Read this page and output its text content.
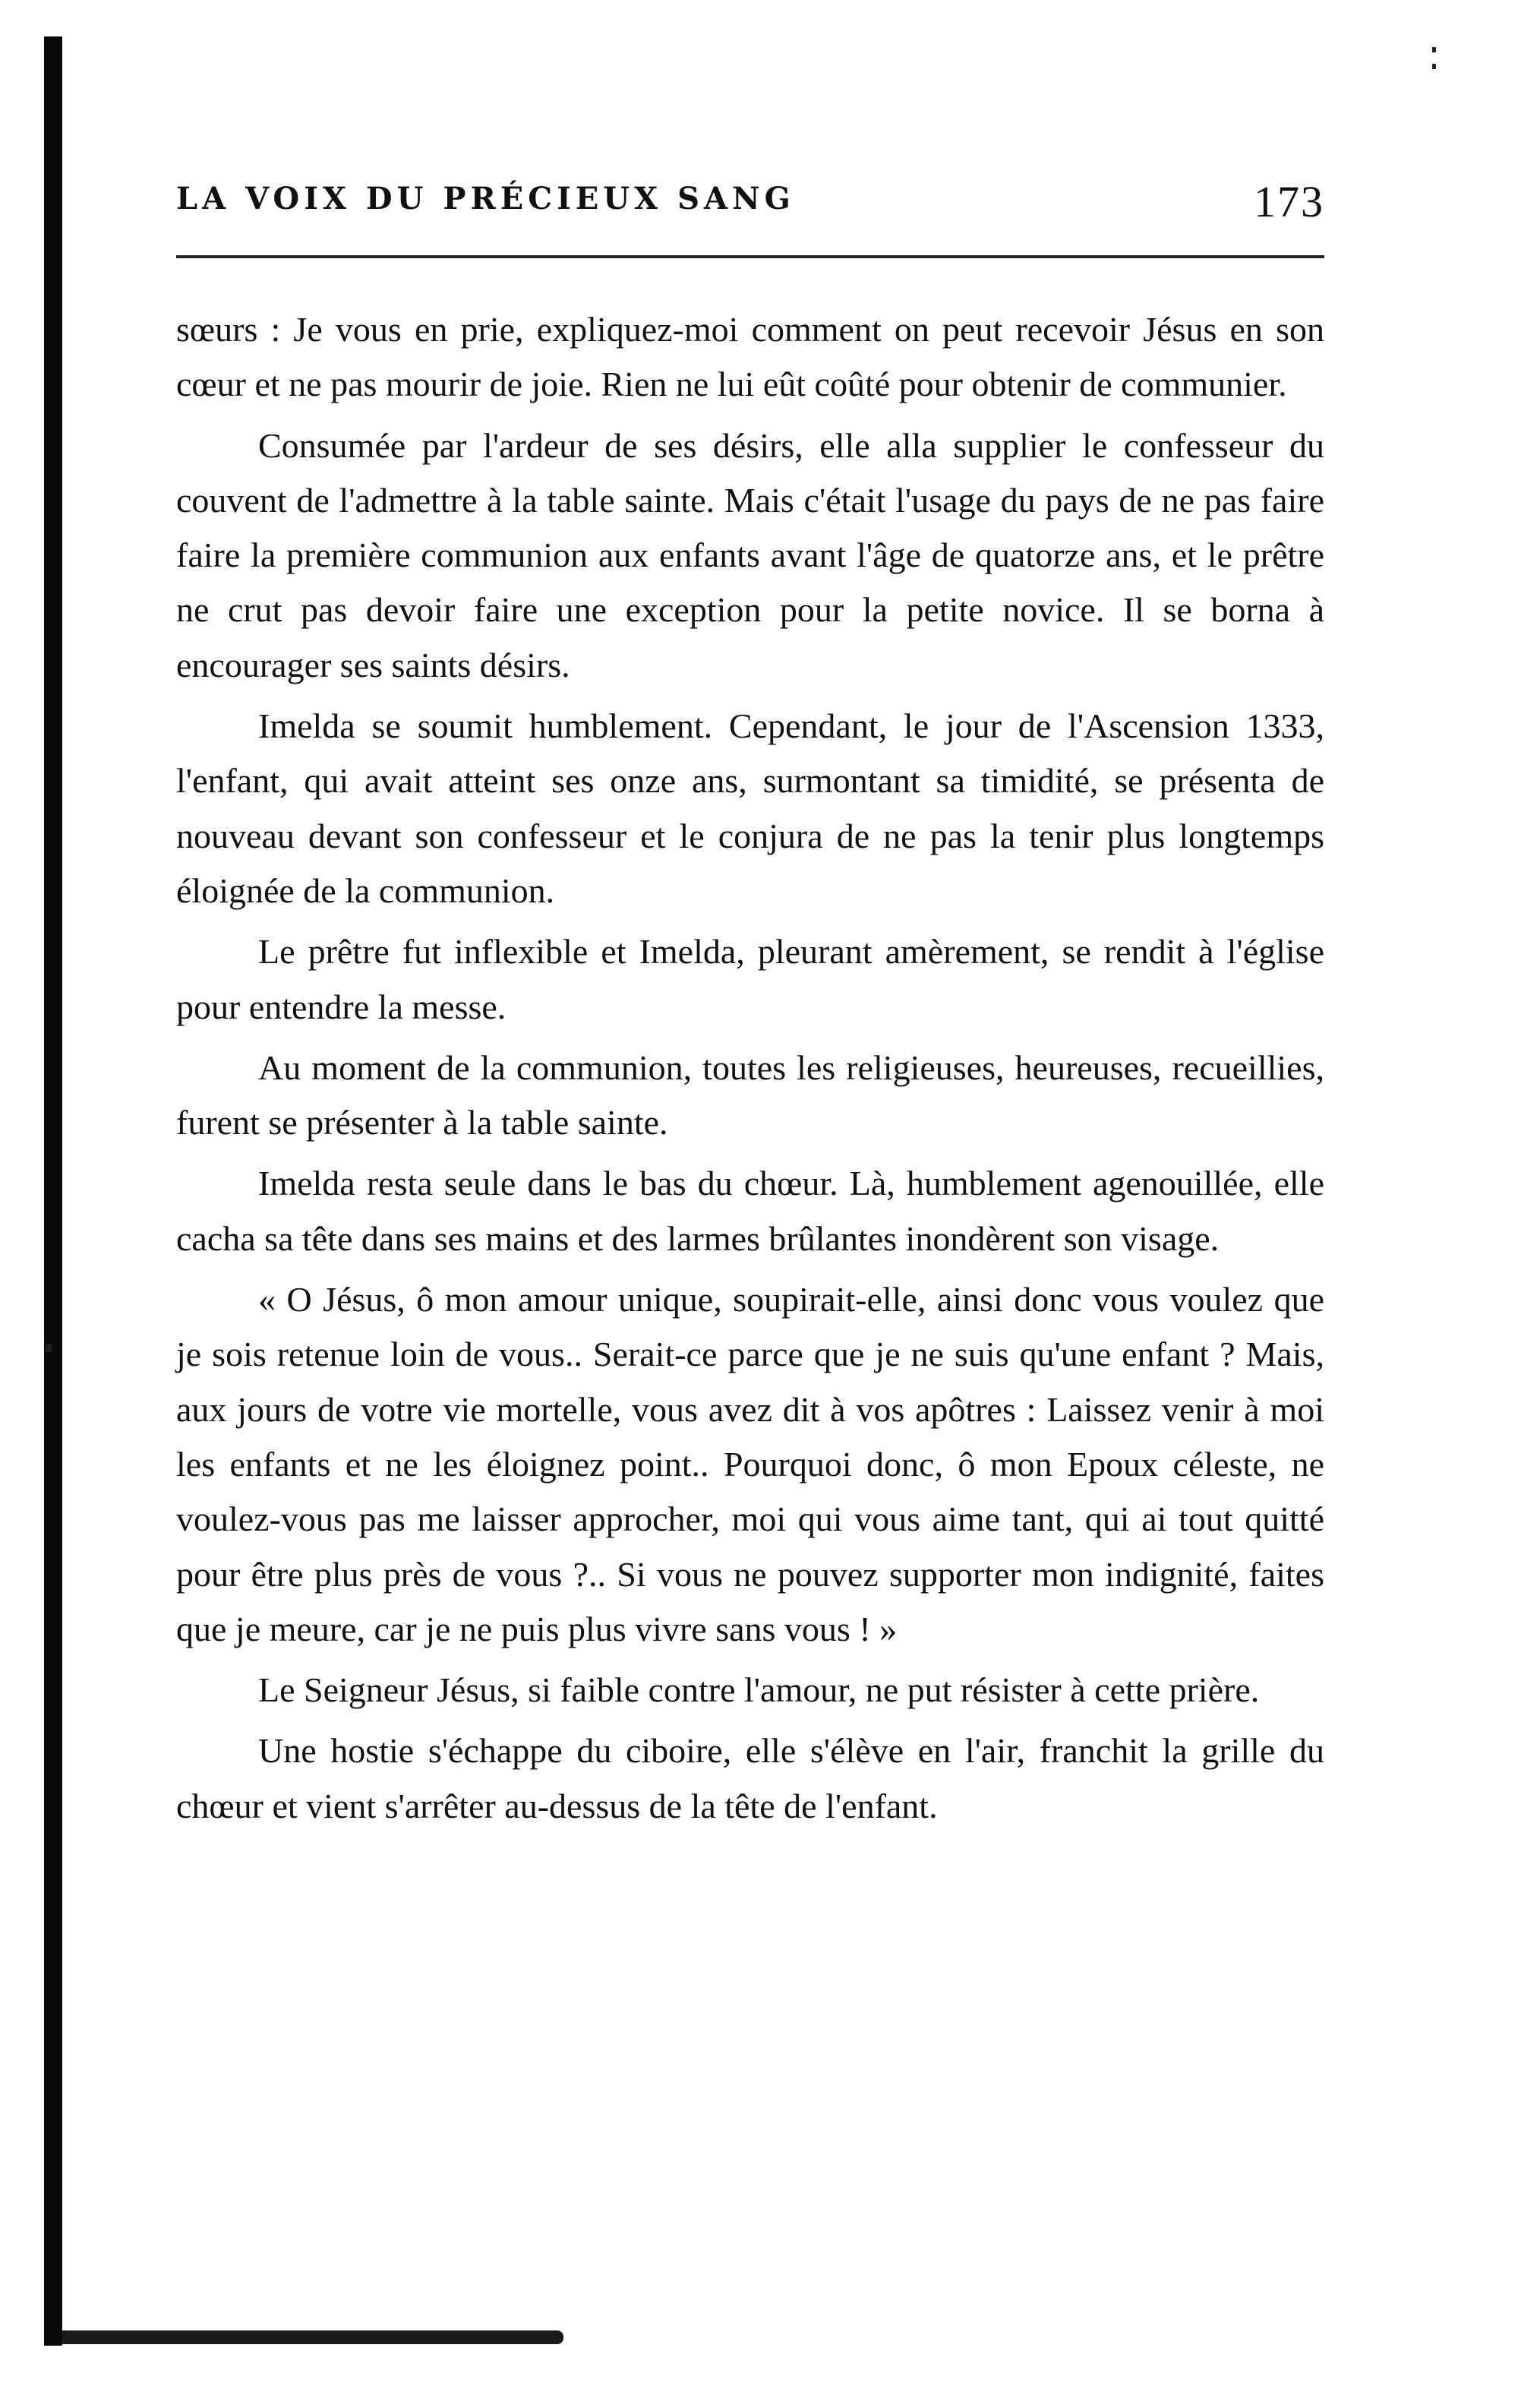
LA VOIX DU PRÉCIEUX SANG	173

sœurs : Je vous en prie, expliquez-moi comment on peut recevoir Jésus en son cœur et ne pas mourir de joie. Rien ne lui eût coûté pour obtenir de communier.

Consumée par l'ardeur de ses désirs, elle alla supplier le confesseur du couvent de l'admettre à la table sainte. Mais c'était l'usage du pays de ne pas faire faire la première communion aux enfants avant l'âge de quatorze ans, et le prêtre ne crut pas devoir faire une exception pour la petite novice. Il se borna à encourager ses saints désirs.

Imelda se soumit humblement. Cependant, le jour de l'Ascension 1333, l'enfant, qui avait atteint ses onze ans, surmontant sa timidité, se présenta de nouveau devant son confesseur et le conjura de ne pas la tenir plus longtemps éloignée de la communion.

Le prêtre fut inflexible et Imelda, pleurant amèrement, se rendit à l'église pour entendre la messe.

Au moment de la communion, toutes les religieuses, heureuses, recueillies, furent se présenter à la table sainte.

Imelda resta seule dans le bas du chœur. Là, humblement agenouillée, elle cacha sa tête dans ses mains et des larmes brûlantes inondèrent son visage.

« O Jésus, ô mon amour unique, soupirait-elle, ainsi donc vous voulez que je sois retenue loin de vous.. Serait-ce parce que je ne suis qu'une enfant ? Mais, aux jours de votre vie mortelle, vous avez dit à vos apôtres : Laissez venir à moi les enfants et ne les éloignez point.. Pourquoi donc, ô mon Epoux céleste, ne voulez-vous pas me laisser approcher, moi qui vous aime tant, qui ai tout quitté pour être plus près de vous ?.. Si vous ne pouvez supporter mon indignité, faites que je meure, car je ne puis plus vivre sans vous ! »

Le Seigneur Jésus, si faible contre l'amour, ne put résister à cette prière.

Une hostie s'échappe du ciboire, elle s'élève en l'air, franchit la grille du chœur et vient s'arrêter au-dessus de la tête de l'enfant.
